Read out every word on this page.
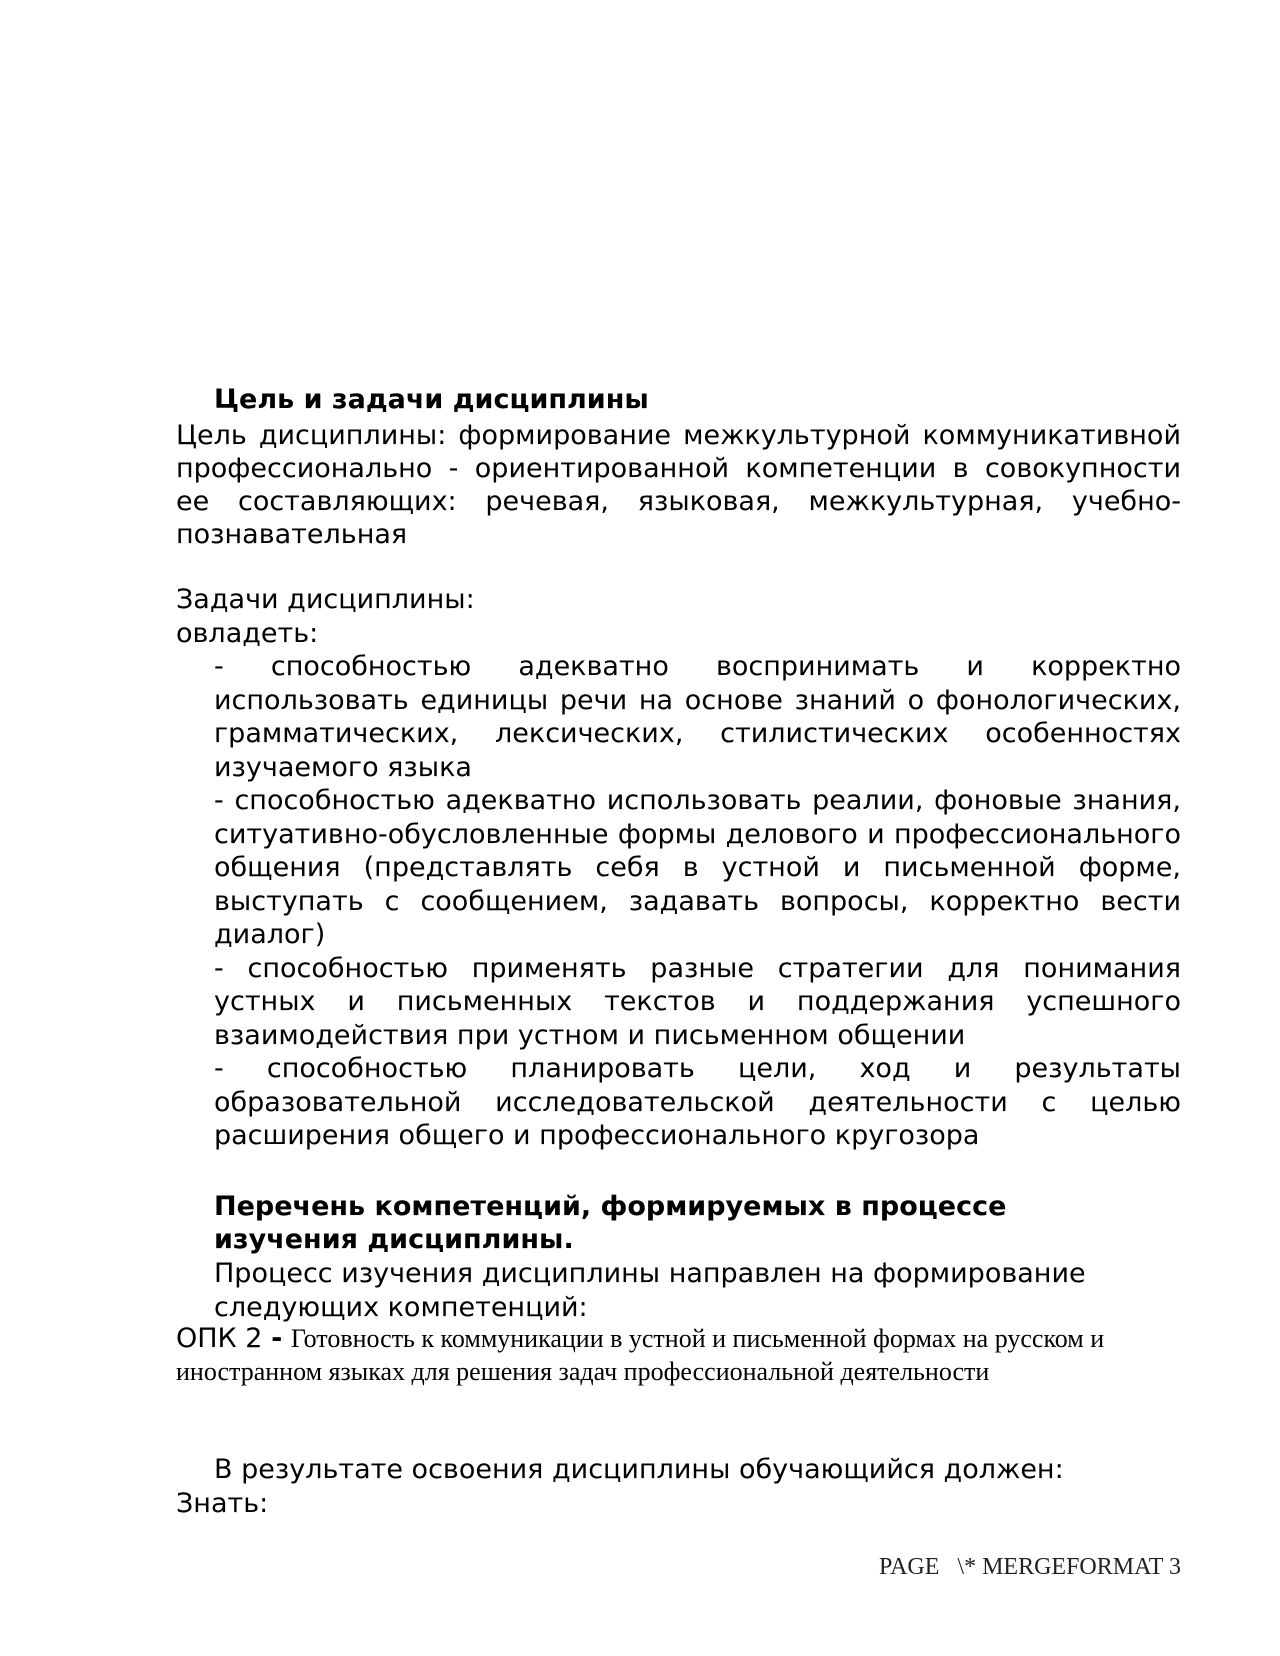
Цель и задачи дисциплины

Цель дисциплины: формирование межкультурной коммуникативной профессионально - ориентированной компетенции в совокупности ее составляющих: речевая, языковая, межкультурная, учебно-познавательная

Задачи дисциплины:

овладеть:

- способностью адекватно воспринимать и корректно использовать единицы речи на основе знаний о фонологических, грамматических, лексических, стилистических особенностях изучаемого языка
- способностью адекватно использовать реалии, фоновые знания, ситуативно-обусловленные формы делового и профессионального общения (представлять себя в устной и письменной форме, выступать с сообщением, задавать вопросы, корректно вести диалог)
- способностью применять разные стратегии для понимания устных и письменных текстов и поддержания успешного взаимодействия при устном и письменном общении
- способностью планировать цели, ход и результаты образовательной исследовательской деятельности с целью расширения общего и профессионального кругозора

Перечень компетенций, формируемых в процессе изучения дисциплины.

Процесс изучения дисциплины направлен на формирование следующих компетенций:

ОПК 2 - Готовность к коммуникации в устной и письменной формах на русском и иностранном языках для решения задач профессиональной деятельности

В результате освоения дисциплины обучающийся должен:

Знать:

PAGE   \* MERGEFORMAT 3
